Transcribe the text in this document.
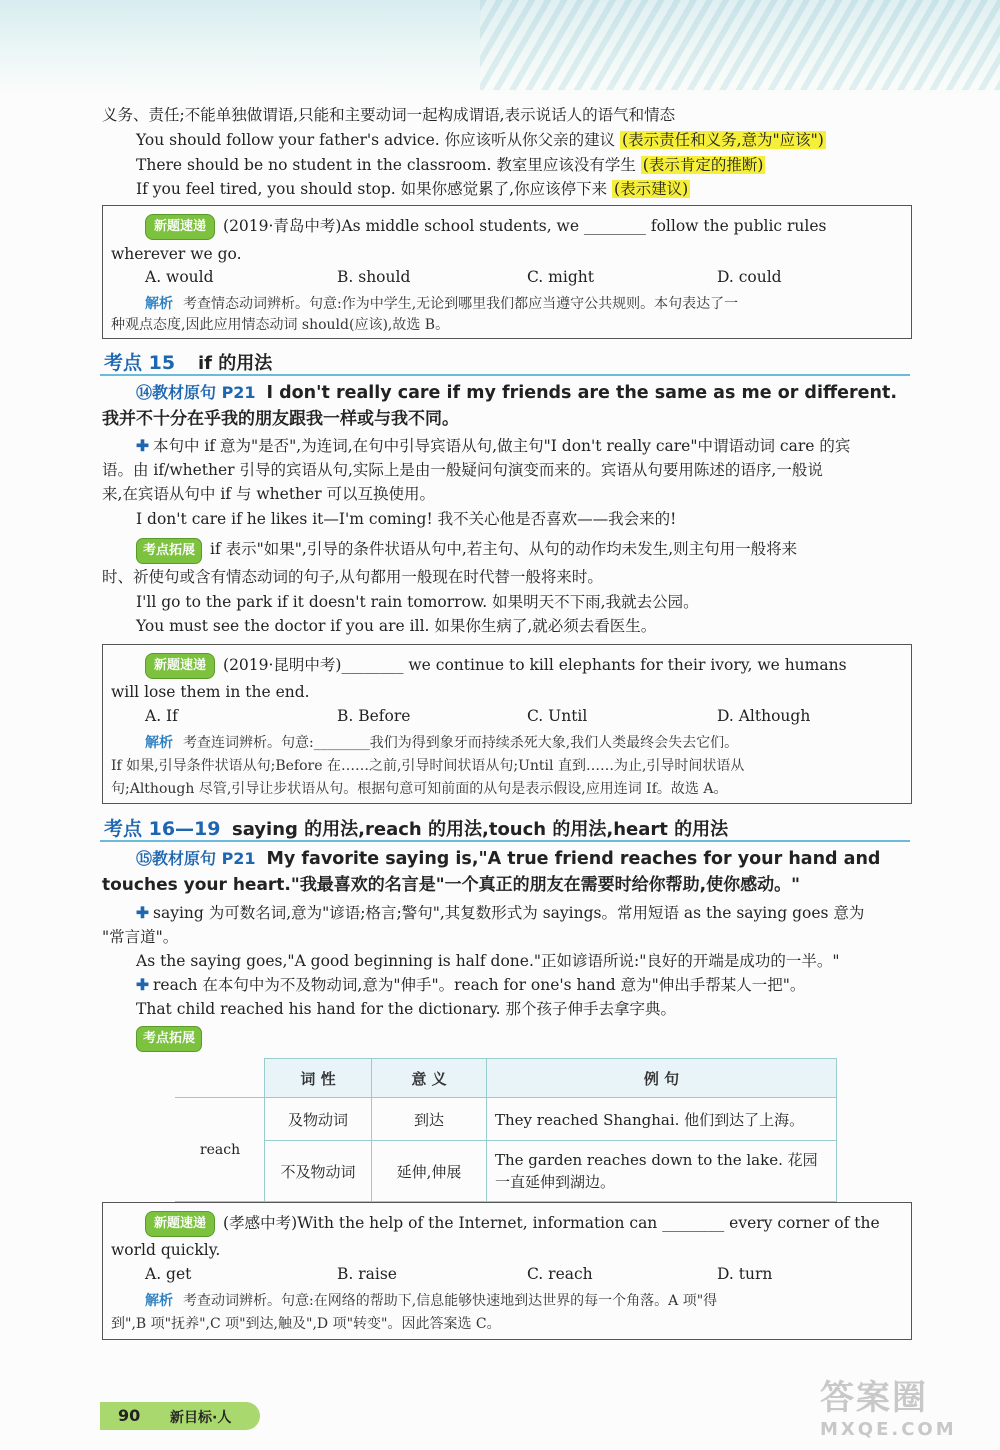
义务、责任;不能单独做谓语,只能和主要动词一起构成谓语,表示说话人的语气和情态
You should follow your father's advice. 你应该听从你父亲的建议 (表示责任和义务,意为"应该")
There should be no student in the classroom. 教室里应该没有学生 (表示肯定的推断)
If you feel tired, you should stop. 如果你感觉累了,你应该停下来 (表示建议)
新题速递 (2019·青岛中考)As middle school students, we ________ follow the public rules
wherever we go.
A. would	B. should	C. might	D. could
解析 考查情态动词辨析。句意:作为中学生,无论到哪里我们都应当遵守公共规则。本句表达了一
种观点态度,因此应用情态动词 should(应该),故选 B。
考点 15 if 的用法
⑭教材原句 P21 I don't really care if my friends are the same as me or different.
我并不十分在乎我的朋友跟我一样或与我不同。
✚ 本句中 if 意为"是否",为连词,在句中引导宾语从句,做主句"I don't really care"中谓语动词 care 的宾
语。由 if/whether 引导的宾语从句,实际上是由一般疑问句演变而来的。宾语从句要用陈述的语序,一般说
来,在宾语从句中 if 与 whether 可以互换使用。
I don't care if he likes it—I'm coming! 我不关心他是否喜欢——我会来的!
考点拓展 if 表示"如果",引导的条件状语从句中,若主句、从句的动作均未发生,则主句用一般将来
时、祈使句或含有情态动词的句子,从句都用一般现在时代替一般将来时。
I'll go to the park if it doesn't rain tomorrow. 如果明天不下雨,我就去公园。
You must see the doctor if you are ill. 如果你生病了,就必须去看医生。
新题速递 (2019·昆明中考)________ we continue to kill elephants for their ivory, we humans
will lose them in the end.
A. If	B. Before	C. Until	D. Although
解析 考查连词辨析。句意:________我们为得到象牙而持续杀死大象,我们人类最终会失去它们。
If 如果,引导条件状语从句;Before 在……之前,引导时间状语从句;Until 直到……为止,引导时间状语从
句;Although 尽管,引导让步状语从句。根据句意可知前面的从句是表示假设,应用连词 If。故选 A。
考点 16—19 saying 的用法,reach 的用法,touch 的用法,heart 的用法
⑮教材原句 P21 My favorite saying is,"A true friend reaches for your hand and
touches your heart."我最喜欢的名言是"一个真正的朋友在需要时给你帮助,使你感动。"
✚ saying 为可数名词,意为"谚语;格言;警句",其复数形式为 sayings。常用短语 as the saying goes 意为
"常言道"。
As the saying goes,"A good beginning is half done."正如谚语所说:"良好的开端是成功的一半。"
✚ reach 在本句中为不及物动词,意为"伸手"。reach for one's hand 意为"伸出手帮某人一把"。
That child reached his hand for the dictionary. 那个孩子伸手去拿字典。
考点拓展
	词 性	意 义	例 句
reach	及物动词	到达	They reached Shanghai. 他们到达了上海。
	不及物动词	延伸,伸展	The garden reaches down to the lake. 花园一直延伸到湖边。
新题速递 (孝感中考)With the help of the Internet, information can ________ every corner of the
world quickly.
A. get	B. raise	C. reach	D. turn
解析 考查动词辨析。句意:在网络的帮助下,信息能够快速地到达世界的每一个角落。A 项"得
到",B 项"抚养",C 项"到达,触及",D 项"转变"。因此答案选 C。
90 新目标·人	答案圈
MXQE.COM
